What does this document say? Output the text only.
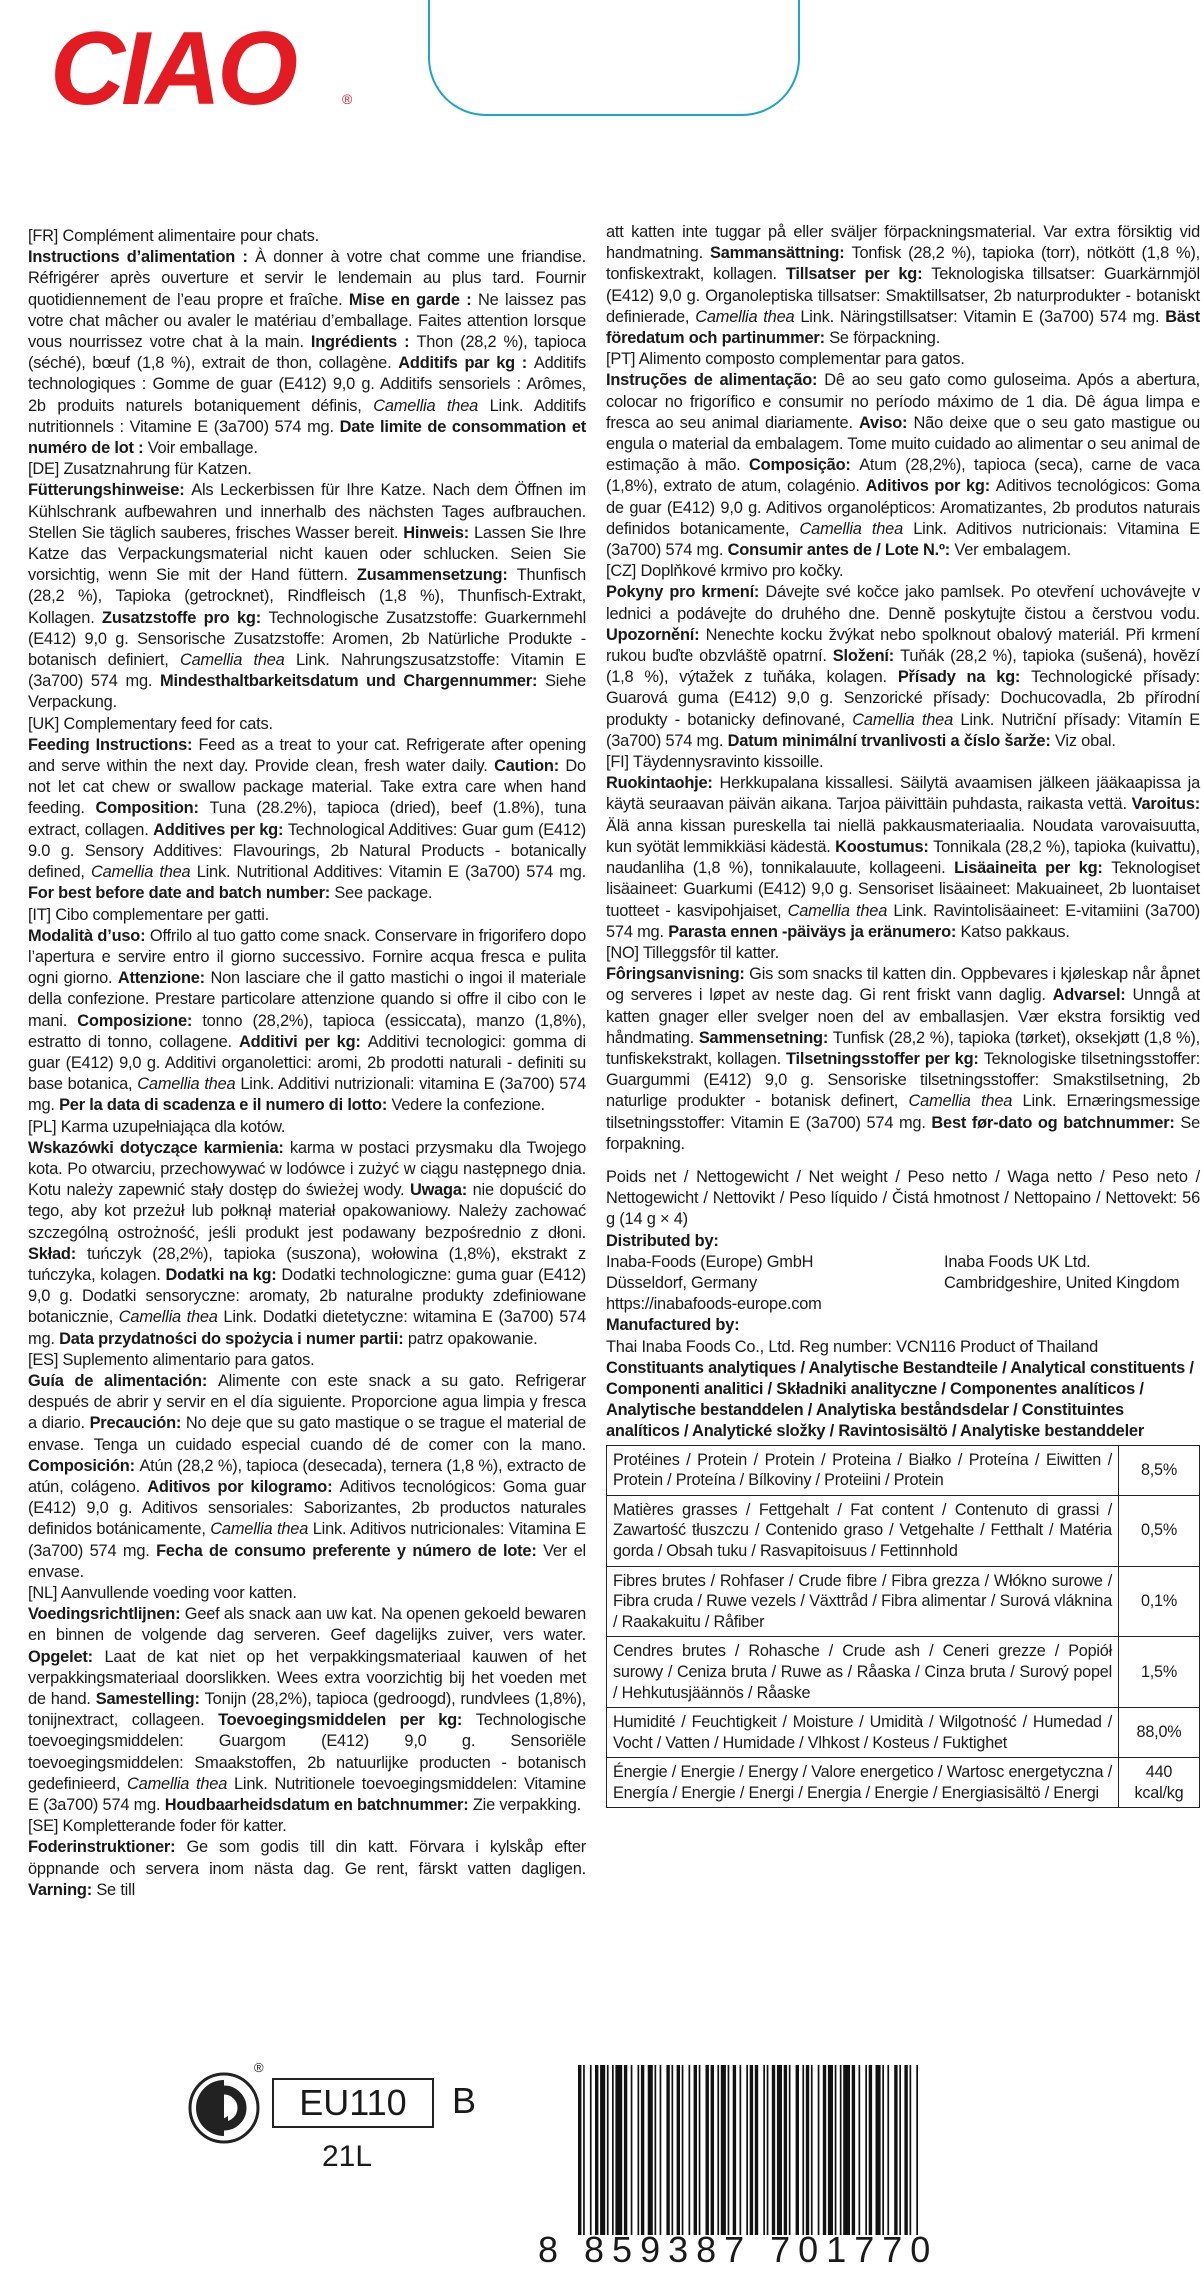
CIAO	®

[FR] Complément alimentaire pour chats.

Instructions d’alimentation : À donner à votre chat comme une friandise. Réfrigérer après ouverture et servir le lendemain au plus tard. Fournir quotidiennement de l’eau propre et fraîche. Mise en garde : Ne laissez pas votre chat mâcher ou avaler le matériau d’emballage. Faites attention lorsque vous nourrissez votre chat à la main. Ingrédients : Thon (28,2 %), tapioca (séché), bœuf (1,8 %), extrait de thon, collagène. Additifs par kg : Additifs technologiques : Gomme de guar (E412) 9,0 g. Additifs sensoriels : Arômes, 2b produits naturels botaniquement définis, Camellia thea Link. Additifs nutritionnels : Vitamine E (3a700) 574 mg. Date limite de consommation et numéro de lot : Voir emballage.

[DE] Zusatznahrung für Katzen.

Fütterungshinweise: Als Leckerbissen für Ihre Katze. Nach dem Öffnen im Kühlschrank aufbewahren und innerhalb des nächsten Tages aufbrauchen. Stellen Sie täglich sauberes, frisches Wasser bereit. Hinweis: Lassen Sie Ihre Katze das Verpackungsmaterial nicht kauen oder schlucken. Seien Sie vorsichtig, wenn Sie mit der Hand füttern. Zusammensetzung: Thunfisch (28,2 %), Tapioka (getrocknet), Rindfleisch (1,8 %), Thunfisch-Extrakt, Kollagen. Zusatzstoffe pro kg: Technologische Zusatzstoffe: Guarkernmehl (E412) 9,0 g. Sensorische Zusatzstoffe: Aromen, 2b Natürliche Produkte - botanisch definiert, Camellia thea Link. Nahrungszusatzstoffe: Vitamin E (3a700) 574 mg. Mindesthaltbarkeitsdatum und Chargennummer: Siehe Verpackung.

[UK] Complementary feed for cats.

Feeding Instructions: Feed as a treat to your cat. Refrigerate after opening and serve within the next day. Provide clean, fresh water daily. Caution: Do not let cat chew or swallow package material. Take extra care when hand feeding. Composition: Tuna (28.2%), tapioca (dried), beef (1.8%), tuna extract, collagen. Additives per kg: Technological Additives: Guar gum (E412) 9.0 g. Sensory Additives: Flavourings, 2b Natural Products - botanically defined, Camellia thea Link. Nutritional Additives: Vitamin E (3a700) 574 mg. For best before date and batch number: See package.

[IT] Cibo complementare per gatti.

Modalità d’uso: Offrilo al tuo gatto come snack. Conservare in frigorifero dopo l’apertura e servire entro il giorno successivo. Fornire acqua fresca e pulita ogni giorno. Attenzione: Non lasciare che il gatto mastichi o ingoi il materiale della confezione. Prestare particolare attenzione quando si offre il cibo con le mani. Composizione: tonno (28,2%), tapioca (essiccata), manzo (1,8%), estratto di tonno, collagene. Additivi per kg: Additivi tecnologici: gomma di guar (E412) 9,0 g. Additivi organolettici: aromi, 2b prodotti naturali - definiti su base botanica, Camellia thea Link. Additivi nutrizionali: vitamina E (3a700) 574 mg. Per la data di scadenza e il numero di lotto: Vedere la confezione.

[PL] Karma uzupełniająca dla kotów.

Wskazówki dotyczące karmienia: karma w postaci przysmaku dla Twojego kota. Po otwarciu, przechowywać w lodówce i zużyć w ciągu następnego dnia. Kotu należy zapewnić stały dostęp do świeżej wody. Uwaga: nie dopuścić do tego, aby kot przeżuł lub połknął materiał opakowaniowy. Należy zachować szczególną ostrożność, jeśli produkt jest podawany bezpośrednio z dłoni. Skład: tuńczyk (28,2%), tapioka (suszona), wołowina (1,8%), ekstrakt z tuńczyka, kolagen. Dodatki na kg: Dodatki technologiczne: guma guar (E412) 9,0 g. Dodatki sensoryczne: aromaty, 2b naturalne produkty zdefiniowane botanicznie, Camellia thea Link. Dodatki dietetyczne: witamina E (3a700) 574 mg. Data przydatności do spożycia i numer partii: patrz opakowanie.

[ES] Suplemento alimentario para gatos.

Guía de alimentación: Alimente con este snack a su gato. Refrigerar después de abrir y servir en el día siguiente. Proporcione agua limpia y fresca a diario. Precaución: No deje que su gato mastique o se trague el material de envase. Tenga un cuidado especial cuando dé de comer con la mano. Composición: Atún (28,2 %), tapioca (desecada), ternera (1,8 %), extracto de atún, colágeno. Aditivos por kilogramo: Aditivos tecnológicos: Goma guar (E412) 9,0 g. Aditivos sensoriales: Saborizantes, 2b productos naturales definidos botánicamente, Camellia thea Link. Aditivos nutricionales: Vitamina E (3a700) 574 mg. Fecha de consumo preferente y número de lote: Ver el envase.

[NL] Aanvullende voeding voor katten.

Voedingsrichtlijnen: Geef als snack aan uw kat. Na openen gekoeld bewaren en binnen de volgende dag serveren. Geef dagelijks zuiver, vers water. Opgelet: Laat de kat niet op het verpakkingsmateriaal kauwen of het verpakkingsmateriaal doorslikken. Wees extra voorzichtig bij het voeden met de hand. Samestelling: Tonijn (28,2%), tapioca (gedroogd), rundvlees (1,8%), tonijnextract, collageen. Toevoegingsmiddelen per kg: Technologische toevoegingsmiddelen: Guargom (E412) 9,0 g. Sensoriële toevoegingsmiddelen: Smaakstoffen, 2b natuurlijke producten - botanisch gedefinieerd, Camellia thea Link. Nutritionele toevoegingsmiddelen: Vitamine E (3a700) 574 mg. Houdbaarheidsdatum en batchnummer: Zie verpakking.

[SE] Kompletterande foder för katter.

Foderinstruktioner: Ge som godis till din katt. Förvara i kylskåp efter öppnande och servera inom nästa dag. Ge rent, färskt vatten dagligen. Varning: Se till

att katten inte tuggar på eller sväljer förpackningsmaterial. Var extra försiktig vid handmatning. Sammansättning: Tonfisk (28,2 %), tapioka (torr), nötkött (1,8 %), tonfiskextrakt, kollagen. Tillsatser per kg: Teknologiska tillsatser: Guarkärnmjöl (E412) 9,0 g. Organoleptiska tillsatser: Smaktillsatser, 2b naturprodukter - botaniskt definierade, Camellia thea Link. Näringstillsatser: Vitamin E (3a700) 574 mg. Bäst föredatum och partinummer: Se förpackning.

[PT] Alimento composto complementar para gatos.

Instruções de alimentação: Dê ao seu gato como guloseima. Após a abertura, colocar no frigorífico e consumir no período máximo de 1 dia. Dê água limpa e fresca ao seu animal diariamente. Aviso: Não deixe que o seu gato mastigue ou engula o material da embalagem. Tome muito cuidado ao alimentar o seu animal de estimação à mão. Composição: Atum (28,2%), tapioca (seca), carne de vaca (1,8%), extrato de atum, colagénio. Aditivos por kg: Aditivos tecnológicos: Goma de guar (E412) 9,0 g. Aditivos organolépticos: Aromatizantes, 2b produtos naturais definidos botanicamente, Camellia thea Link. Aditivos nutricionais: Vitamina E (3a700) 574 mg. Consumir antes de / Lote N.º: Ver embalagem.

[CZ] Doplňkové krmivo pro kočky.

Pokyny pro krmení: Dávejte své kočce jako pamlsek. Po otevření uchovávejte v lednici a podávejte do druhého dne. Denně poskytujte čistou a čerstvou vodu. Upozornění: Nenechte kocku žvýkat nebo spolknout obalový materiál. Při krmení rukou buďte obzvláště opatrní. Složení: Tuňák (28,2 %), tapioka (sušená), hovězí (1,8 %), výtažek z tuňáka, kolagen. Přísady na kg: Technologické přísady: Guarová guma (E412) 9,0 g. Senzorické přísady: Dochucovadla, 2b přírodní produkty - botanicky definované, Camellia thea Link. Nutriční přísady: Vitamín E (3a700) 574 mg. Datum minimální trvanlivosti a číslo šarže: Viz obal.

[FI] Täydennysravinto kissoille.

Ruokintaohje: Herkkupalana kissallesi. Säilytä avaamisen jälkeen jääkaapissa ja käytä seuraavan päivän aikana. Tarjoa päivittäin puhdasta, raikasta vettä. Varoitus: Älä anna kissan pureskella tai niellä pakkausmateriaalia. Noudata varovaisuutta, kun syötät lemmikkiäsi kädestä. Koostumus: Tonnikala (28,2 %), tapioka (kuivattu), naudanliha (1,8 %), tonnikalauute, kollageeni. Lisäaineita per kg: Teknologiset lisäaineet: Guarkumi (E412) 9,0 g. Sensoriset lisäaineet: Makuaineet, 2b luontaiset tuotteet - kasvipohjaiset, Camellia thea Link. Ravintolisäaineet: E-vitamiini (3a700) 574 mg. Parasta ennen -päiväys ja eränumero: Katso pakkaus.

[NO] Tilleggsfôr til katter.

Fôringsanvisning: Gis som snacks til katten din. Oppbevares i kjøleskap når åpnet og serveres i løpet av neste dag. Gi rent friskt vann daglig. Advarsel: Unngå at katten gnager eller svelger noen del av emballasjen. Vær ekstra forsiktig ved håndmating. Sammensetning: Tunfisk (28,2 %), tapioka (tørket), oksekjøtt (1,8 %), tunfiskekstrakt, kollagen. Tilsetningsstoffer per kg: Teknologiske tilsetningsstoffer: Guargummi (E412) 9,0 g. Sensoriske tilsetningsstoffer: Smakstilsetning, 2b naturlige produkter - botanisk definert, Camellia thea Link. Ernæringsmessige tilsetningsstoffer: Vitamin E (3a700) 574 mg. Best før-dato og batchnummer: Se forpakning.

Poids net / Nettogewicht / Net weight / Peso netto / Waga netto / Peso neto / Nettogewicht / Nettovikt / Peso líquido / Čistá hmotnost / Nettopaino / Nettovekt: 56 g (14 g × 4)

Distributed by:

Inaba-Foods (Europe) GmbH
Düsseldorf, Germany
https://inabafoods-europe.com
Inaba Foods UK Ltd.
Cambridgeshire, United Kingdom

Manufactured by:

Thai Inaba Foods Co., Ltd. Reg number: VCN116 Product of Thailand

Constituants analytiques / Analytische Bestandteile / Analytical constituents / Componenti analitici / Składniki analityczne / Componentes analíticos / Analytische bestanddelen / Analytiska beståndsdelar / Constituintes analíticos / Analytické složky / Ravintosisältö / Analytiske bestanddeler

Protéines / Protein / Protein / Proteina / Białko / Proteína / Eiwitten / Protein / Proteína / Bílkoviny / Proteiini / Protein	8,5%
Matières grasses / Fettgehalt / Fat content / Contenuto di grassi / Zawartość tłuszczu / Contenido graso / Vetgehalte / Fetthalt / Matéria gorda / Obsah tuku / Rasvapitoisuus / Fettinnhold	0,5%
Fibres brutes / Rohfaser / Crude fibre / Fibra grezza / Włókno surowe / Fibra cruda / Ruwe vezels / Växttråd / Fibra alimentar / Surová vláknina / Raakakuitu / Råfiber	0,1%
Cendres brutes / Rohasche / Crude ash / Ceneri grezze / Popiół surowy / Ceniza bruta / Ruwe as / Råaska / Cinza bruta / Surový popel / Hehkutusjäännös / Råaske	1,5%
Humidité / Feuchtigkeit / Moisture / Umidità / Wilgotność / Humedad / Vocht / Vatten / Humidade / Vlhkost / Kosteus / Fuktighet	88,0%
Énergie / Energie / Energy / Valore energetico / Wartosc energetyczna / Energía / Energie / Energi / Energia / Energie / Energiasisältö / Energi	440 kcal/kg
®
EU110	B
21L
8 859387 701770
